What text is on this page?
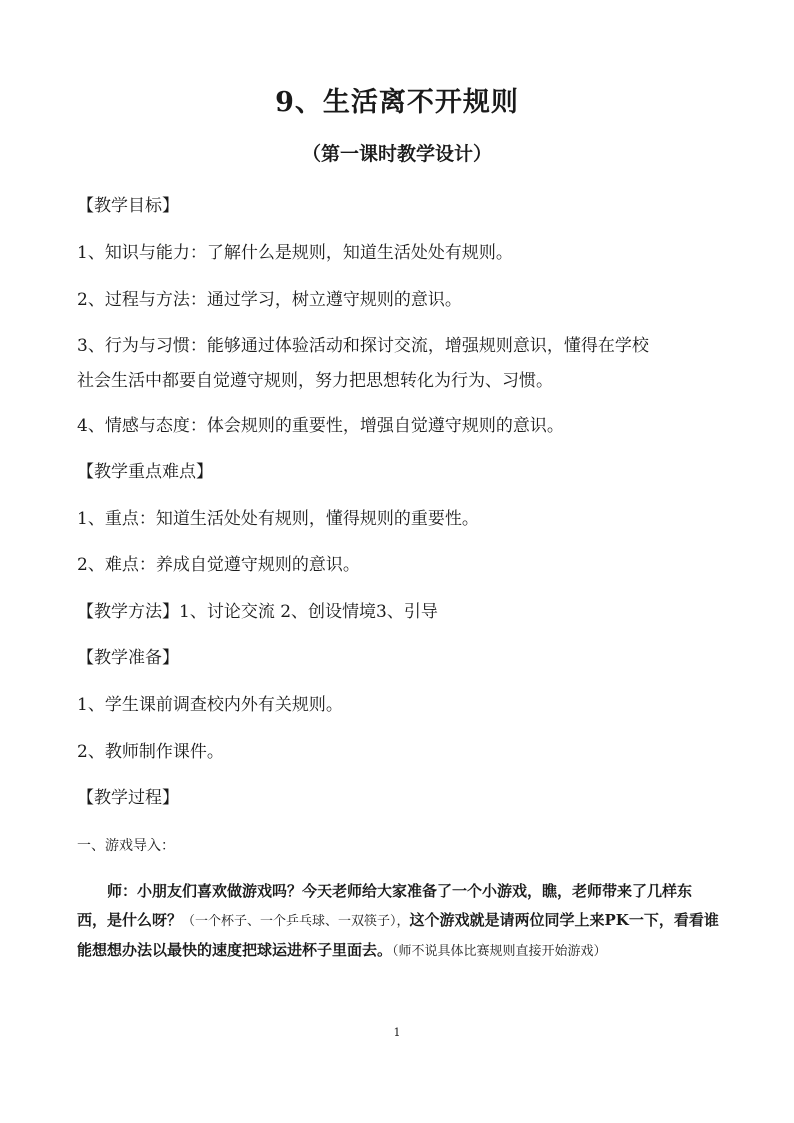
9、生活离不开规则
（第一课时教学设计）
【教学目标】
1、知识与能力：了解什么是规则，知道生活处处有规则。
2、过程与方法：通过学习，树立遵守规则的意识。
3、行为与习惯：能够通过体验活动和探讨交流，增强规则意识，懂得在学校
社会生活中都要自觉遵守规则，努力把思想转化为行为、习惯。
4、情感与态度：体会规则的重要性，增强自觉遵守规则的意识。
【教学重点难点】
1、重点：知道生活处处有规则，懂得规则的重要性。
2、难点：养成自觉遵守规则的意识。
【教学方法】1、讨论交流 2、创设情境3、引导
【教学准备】
1、学生课前调查校内外有关规则。
2、教师制作课件。
【教学过程】
一、游戏导入：
师：小朋友们喜欢做游戏吗？今天老师给大家准备了一个小游戏，瞧，老师带来了几样东西，是什么呀？（一个杯子、一个乒乓球、一双筷子），这个游戏就是请两位同学上来PK一下，看看谁能想想办法以最快的速度把球运进杯子里面去。（师不说具体比赛规则直接开始游戏）
1
